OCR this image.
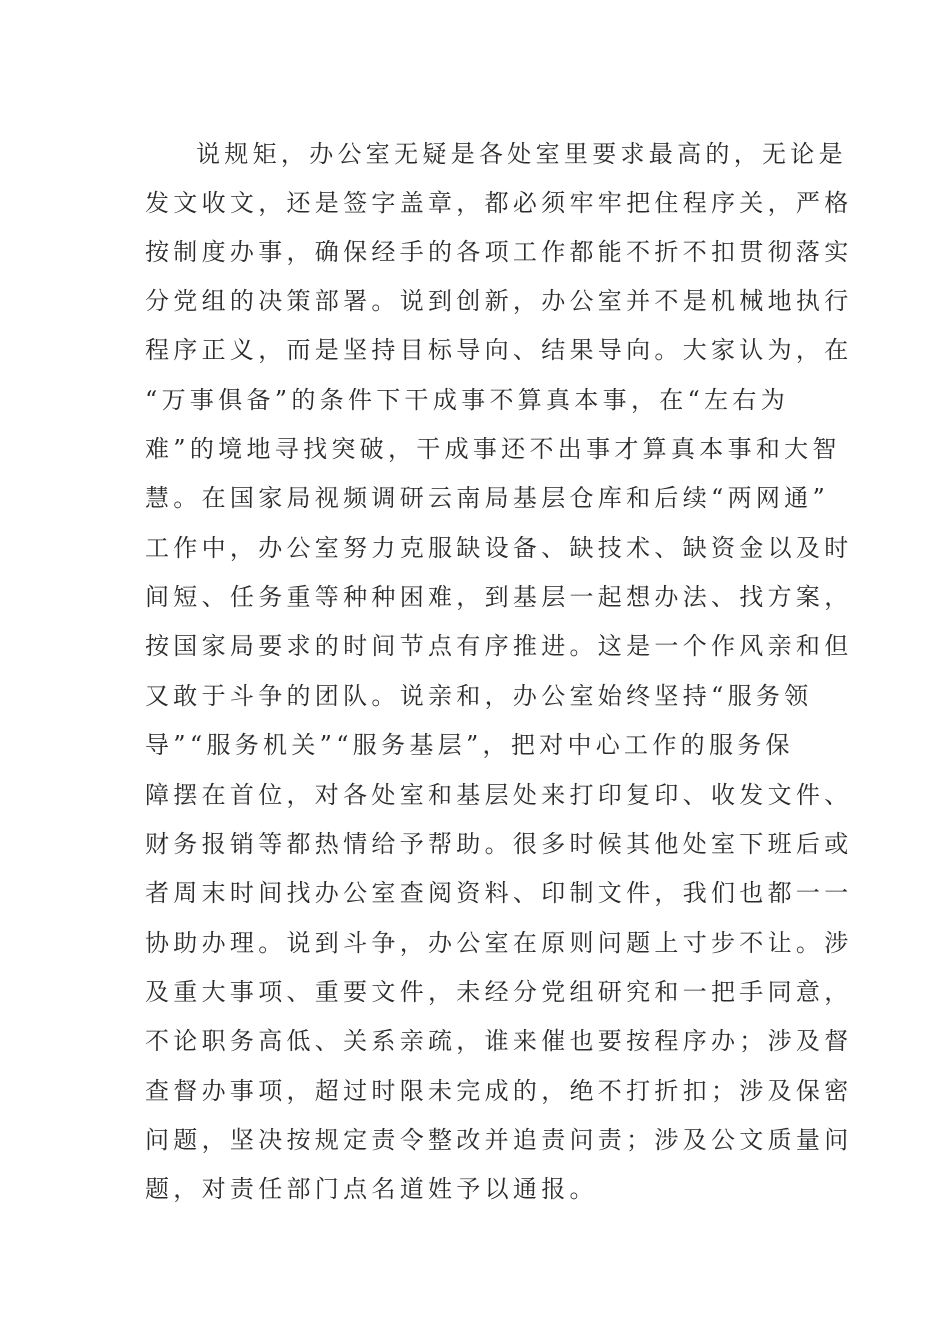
说规矩，办公室无疑是各处室里要求最高的，无论是
发文收文，还是签字盖章，都必须牢牢把住程序关，严格
按制度办事，确保经手的各项工作都能不折不扣贯彻落实
分党组的决策部署。说到创新，办公室并不是机械地执行
程序正义，而是坚持目标导向、结果导向。大家认为，在
“万事俱备”的条件下干成事不算真本事，在“左右为
难”的境地寻找突破，干成事还不出事才算真本事和大智
慧。在国家局视频调研云南局基层仓库和后续“两网通”
工作中，办公室努力克服缺设备、缺技术、缺资金以及时
间短、任务重等种种困难，到基层一起想办法、找方案，
按国家局要求的时间节点有序推进。这是一个作风亲和但
又敢于斗争的团队。说亲和，办公室始终坚持“服务领
导”“服务机关”“服务基层”，把对中心工作的服务保
障摆在首位，对各处室和基层处来打印复印、收发文件、
财务报销等都热情给予帮助。很多时候其他处室下班后或
者周末时间找办公室查阅资料、印制文件，我们也都一一
协助办理。说到斗争，办公室在原则问题上寸步不让。涉
及重大事项、重要文件，未经分党组研究和一把手同意，
不论职务高低、关系亲疏，谁来催也要按程序办；涉及督
查督办事项，超过时限未完成的，绝不打折扣；涉及保密
问题，坚决按规定责令整改并追责问责；涉及公文质量问
题，对责任部门点名道姓予以通报。
